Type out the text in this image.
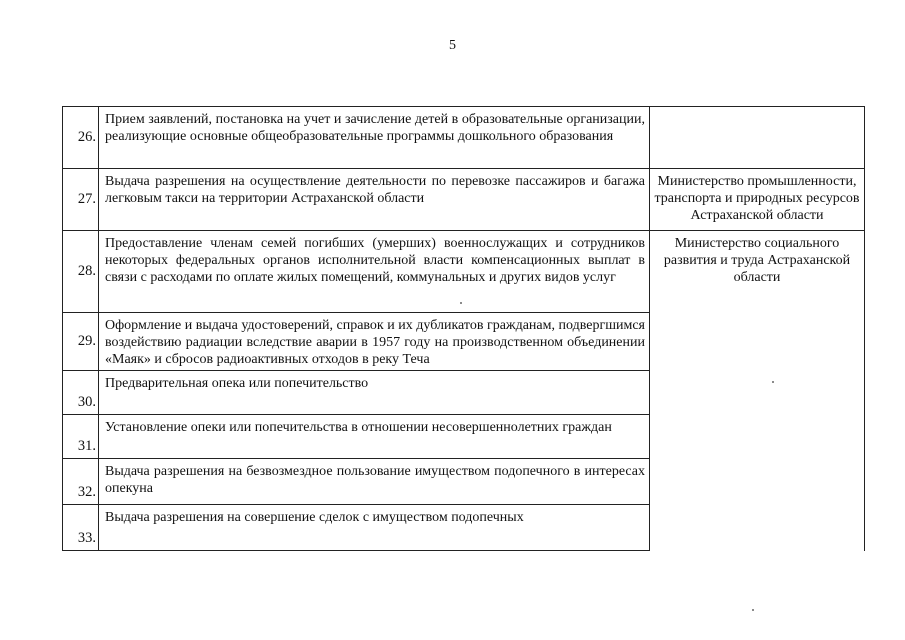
5
26.	Прием заявлений, постановка на учет и зачисление детей в образовательные организации, реализующие основные общеобразовательные программы дошкольного образования	
27.	Выдача разрешения на осуществление деятельности по перевозке пассажиров и багажа легковым такси на территории Астраханской области	Министерство промышленности, транспорта и природных ресурсов Астраханской области
28.	Предоставление членам семей погибших (умерших) военнослужащих и сотрудников некоторых федеральных органов исполнительной власти компенсационных выплат в связи с расходами по оплате жилых помещений, коммунальных и других видов услуг	Министерство социального развития и труда Астраханской области
29.	Оформление и выдача удостоверений, справок и их дубликатов гражданам, подвергшимся воздействию радиации вследствие аварии в 1957 году на производственном объединении «Маяк» и сбросов радиоактивных отходов в реку Теча	
30.	Предварительная опека или попечительство	
31.	Установление опеки или попечительства в отношении несовершеннолетних граждан	
32.	Выдача разрешения на безвозмездное пользование имуществом подопечного в интересах опекуна	
33.	Выдача разрешения на совершение сделок с имуществом подопечных	
